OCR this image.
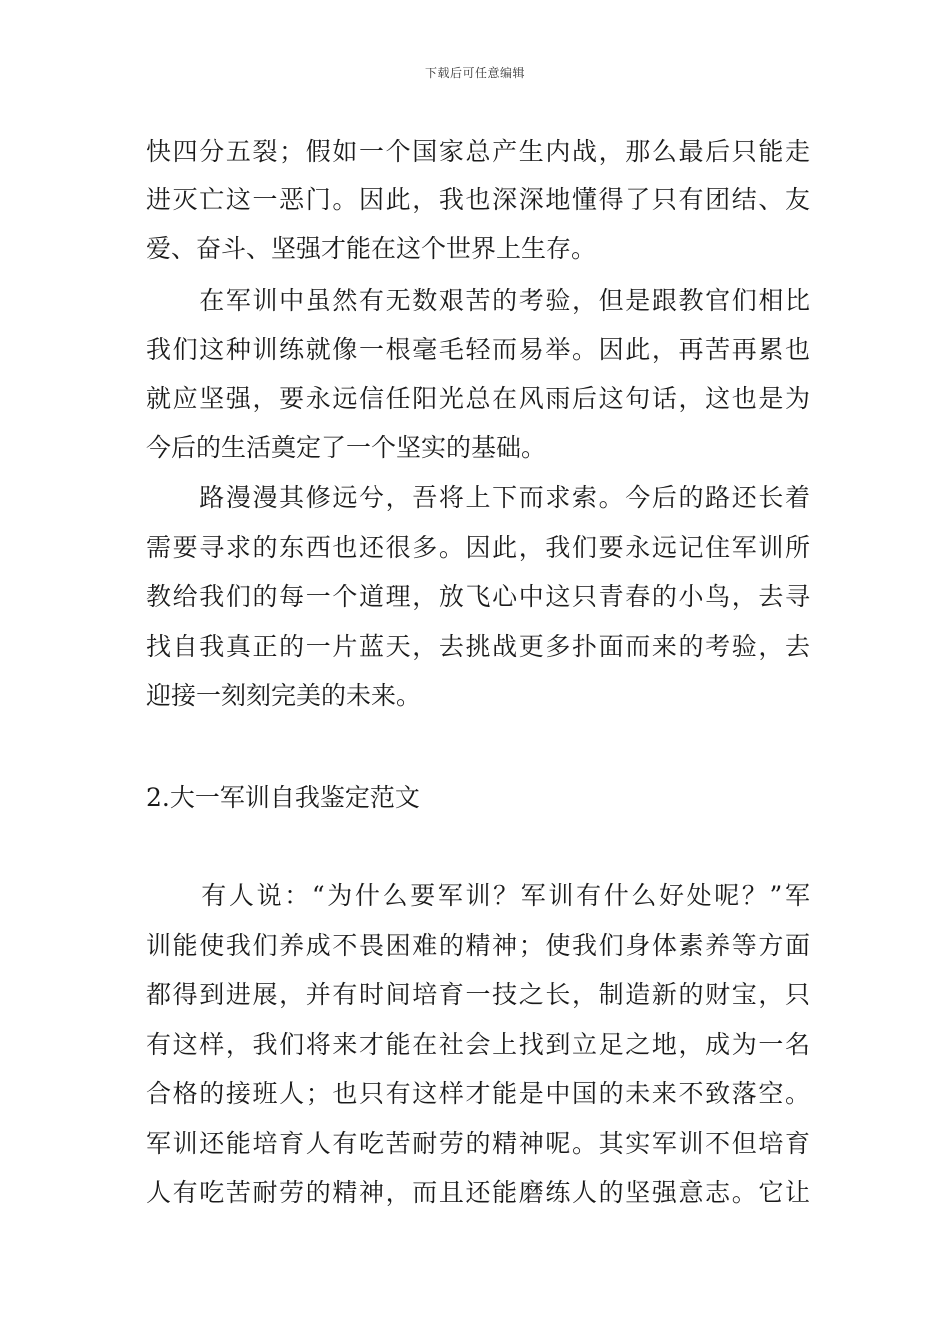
下载后可任意编辑
快四分五裂；假如一个国家总产生内战，那么最后只能走
进灭亡这一恶门。因此，我也深深地懂得了只有团结、友
爱、奋斗、坚强才能在这个世界上生存。
　　在军训中虽然有无数艰苦的考验，但是跟教官们相比
我们这种训练就像一根毫毛轻而易举。因此，再苦再累也
就应坚强，要永远信任阳光总在风雨后这句话，这也是为
今后的生活奠定了一个坚实的基础。
　　路漫漫其修远兮，吾将上下而求索。今后的路还长着
需要寻求的东西也还很多。因此，我们要永远记住军训所
教给我们的每一个道理，放飞心中这只青春的小鸟，去寻
找自我真正的一片蓝天，去挑战更多扑面而来的考验，去
迎接一刻刻完美的未来。
2.大一军训自我鉴定范文
　　有人说：“为什么要军训？军训有什么好处呢？”军
训能使我们养成不畏困难的精神；使我们身体素养等方面
都得到进展，并有时间培育一技之长，制造新的财宝，只
有这样，我们将来才能在社会上找到立足之地，成为一名
合格的接班人；也只有这样才能是中国的未来不致落空。
军训还能培育人有吃苦耐劳的精神呢。其实军训不但培育
人有吃苦耐劳的精神，而且还能磨练人的坚强意志。它让
